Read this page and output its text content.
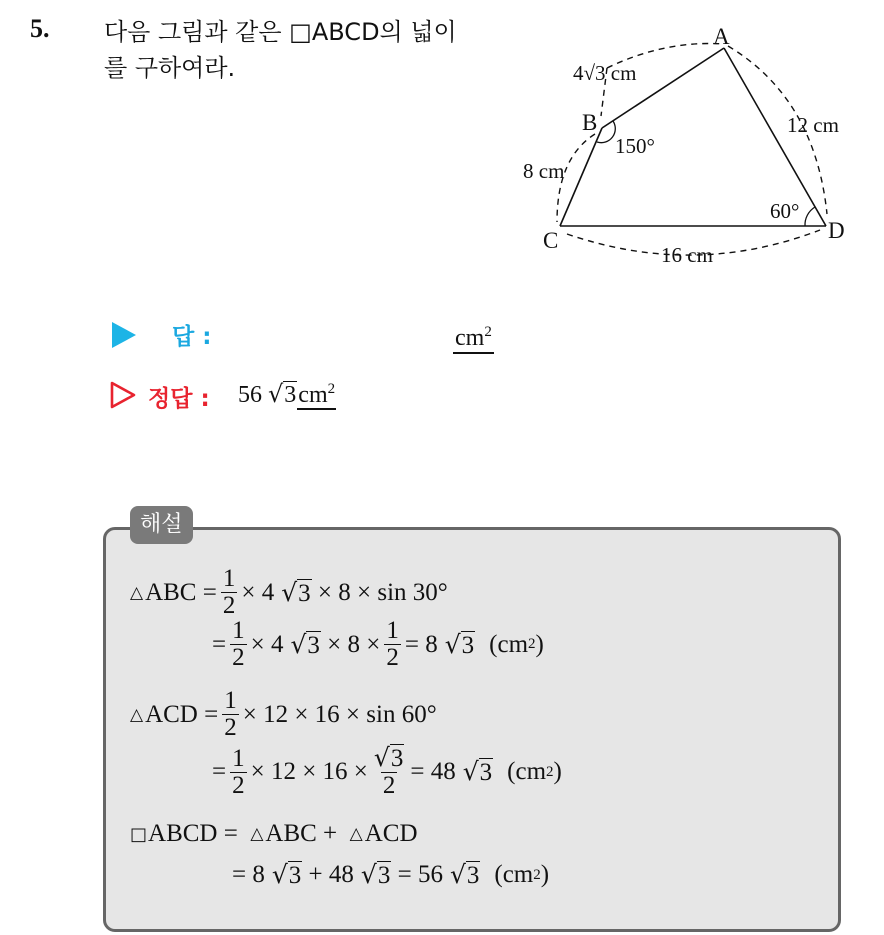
5. 다음 그림과 같은 □ABCD의 넓이
를 구하여라.
A
B
C	D
4√3 cm
8 cm
12 cm
16 cm
150°
60°
답 :	$cm^2$
정답 : 56 $√3cm^2$
해설
△ ABC = $\frac{1}{2} \times 4$ √3
× 8 × sin 30°
= $\frac{1}{2} \times 4$ $√3 \times 8 \times \frac{1}{2} = 8$ √3 (cm 2 )
△ ACD = $\frac{1}{2} \times 12 \times 16 \times \sin 60^\circ$
= $\frac{1}{2} \times 12 \times 16 \times \frac{√3}{2} = 48$ √3 (cm 2 )
□ ABCD =
△ ABC +
△ ACD
= 8 √3
+ 48 √3
= 56 √3 (cm 2 )
